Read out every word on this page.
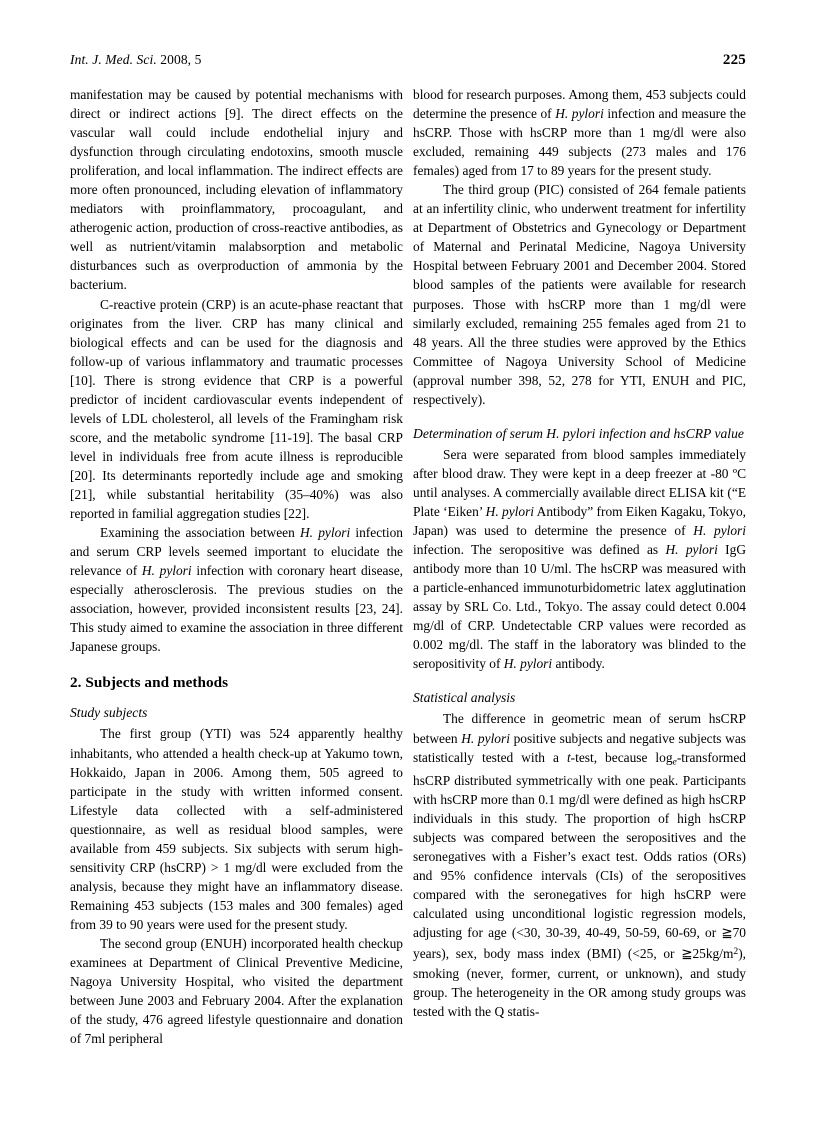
Int. J. Med. Sci. 2008, 5	225

manifestation may be caused by potential mechanisms with direct or indirect actions [9]. The direct effects on the vascular wall could include endothelial injury and dysfunction through circulating endotoxins, smooth muscle proliferation, and local inflammation. The indirect effects are more often pronounced, including elevation of inflammatory mediators with proinflammatory, procoagulant, and atherogenic action, production of cross-reactive antibodies, as well as nutrient/vitamin malabsorption and metabolic disturbances such as overproduction of ammonia by the bacterium.

C-reactive protein (CRP) is an acute-phase reactant that originates from the liver. CRP has many clinical and biological effects and can be used for the diagnosis and follow-up of various inflammatory and traumatic processes [10]. There is strong evidence that CRP is a powerful predictor of incident cardiovascular events independent of levels of LDL cholesterol, all levels of the Framingham risk score, and the metabolic syndrome [11-19]. The basal CRP level in individuals free from acute illness is reproducible [20]. Its determinants reportedly include age and smoking [21], while substantial heritability (35–40%) was also reported in familial aggregation studies [22].

Examining the association between H. pylori infection and serum CRP levels seemed important to elucidate the relevance of H. pylori infection with coronary heart disease, especially atherosclerosis. The previous studies on the association, however, provided inconsistent results [23, 24]. This study aimed to examine the association in three different Japanese groups.

2. Subjects and methods
Study subjects

The first group (YTI) was 524 apparently healthy inhabitants, who attended a health check-up at Yakumo town, Hokkaido, Japan in 2006. Among them, 505 agreed to participate in the study with written informed consent. Lifestyle data collected with a self-administered questionnaire, as well as residual blood samples, were available from 459 subjects. Six subjects with serum high-sensitivity CRP (hsCRP) > 1 mg/dl were excluded from the analysis, because they might have an inflammatory disease. Remaining 453 subjects (153 males and 300 females) aged from 39 to 90 years were used for the present study.

The second group (ENUH) incorporated health checkup examinees at Department of Clinical Preventive Medicine, Nagoya University Hospital, who visited the department between June 2003 and February 2004. After the explanation of the study, 476 agreed lifestyle questionnaire and donation of 7ml peripheral

blood for research purposes. Among them, 453 subjects could determine the presence of H. pylori infection and measure the hsCRP. Those with hsCRP more than 1 mg/dl were also excluded, remaining 449 subjects (273 males and 176 females) aged from 17 to 89 years for the present study.

The third group (PIC) consisted of 264 female patients at an infertility clinic, who underwent treatment for infertility at Department of Obstetrics and Gynecology or Department of Maternal and Perinatal Medicine, Nagoya University Hospital between February 2001 and December 2004. Stored blood samples of the patients were available for research purposes. Those with hsCRP more than 1 mg/dl were similarly excluded, remaining 255 females aged from 21 to 48 years. All the three studies were approved by the Ethics Committee of Nagoya University School of Medicine (approval number 398, 52, 278 for YTI, ENUH and PIC, respectively).

Determination of serum H. pylori infection and hsCRP value

Sera were separated from blood samples immediately after blood draw. They were kept in a deep freezer at -80 ºC until analyses. A commercially available direct ELISA kit (“E Plate ‘Eiken’ H. pylori Antibody” from Eiken Kagaku, Tokyo, Japan) was used to determine the presence of H. pylori infection. The seropositive was defined as H. pylori IgG antibody more than 10 U/ml. The hsCRP was measured with a particle-enhanced immunoturbidometric latex agglutination assay by SRL Co. Ltd., Tokyo. The assay could detect 0.004 mg/dl of CRP. Undetectable CRP values were recorded as 0.002 mg/dl. The staff in the laboratory was blinded to the seropositivity of H. pylori antibody.

Statistical analysis

The difference in geometric mean of serum hsCRP between H. pylori positive subjects and negative subjects was statistically tested with a t-test, because $\log_e$-transformed hsCRP distributed symmetrically with one peak. Participants with hsCRP more than 0.1 mg/dl were defined as high hsCRP individuals in this study. The proportion of high hsCRP subjects was compared between the seropositives and the seronegatives with a Fisher’s exact test. Odds ratios (ORs) and 95% confidence intervals (CIs) of the seropositives compared with the seronegatives for high hsCRP were calculated using unconditional logistic regression models, adjusting for age (<30, 30-39, 40-49, 50-59, 60-69, or ≧70 years), sex, body mass index (BMI) (<25, or $≧25kg/m^2$), smoking (never, former, current, or unknown), and study group. The heterogeneity in the OR among study groups was tested with the Q statis-
